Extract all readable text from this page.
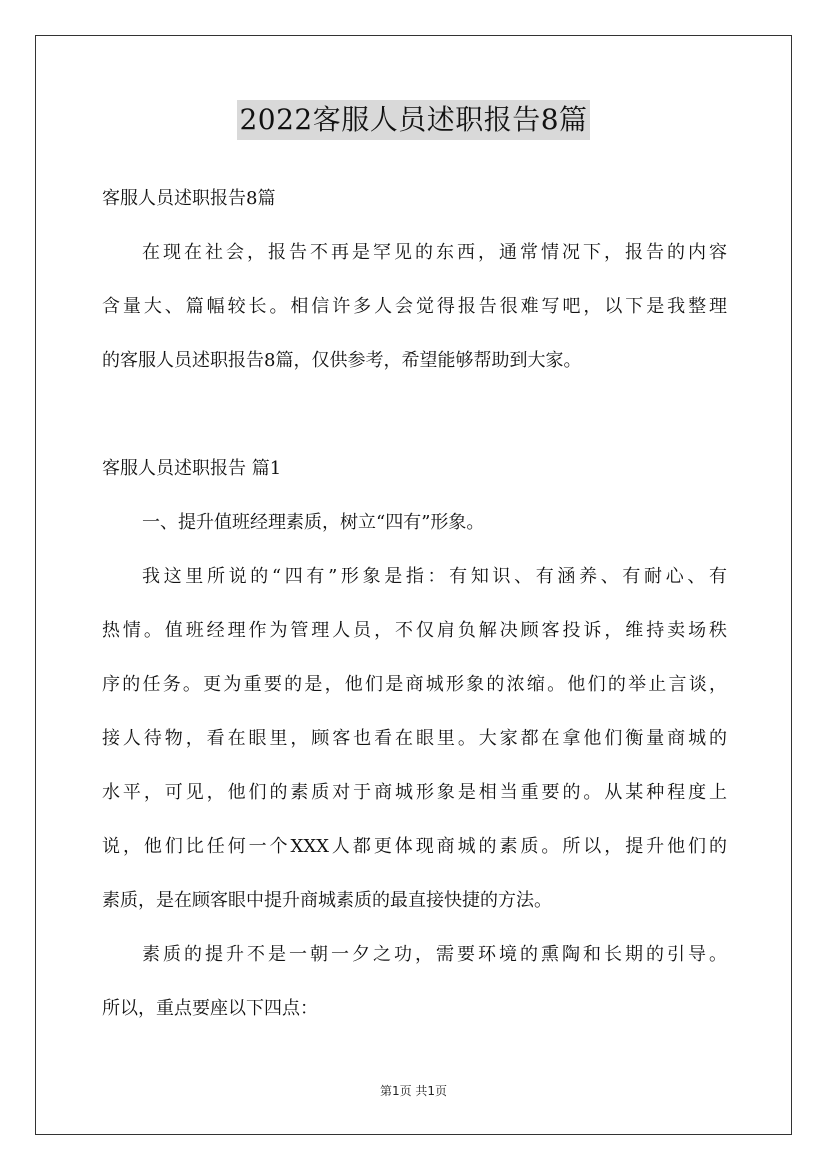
2022客服人员述职报告8篇
客服人员述职报告8篇
在现在社会，报告不再是罕见的东西，通常情况下，报告的内容
含量大、篇幅较长。相信许多人会觉得报告很难写吧，以下是我整理
的客服人员述职报告8篇，仅供参考，希望能够帮助到大家。
客服人员述职报告 篇1
一、提升值班经理素质，树立“四有”形象。
我这里所说的“四有”形象是指：有知识、有涵养、有耐心、有
热情。值班经理作为管理人员，不仅肩负解决顾客投诉，维持卖场秩
序的任务。更为重要的是，他们是商城形象的浓缩。他们的举止言谈，
接人待物，看在眼里，顾客也看在眼里。大家都在拿他们衡量商城的
水平，可见，他们的素质对于商城形象是相当重要的。从某种程度上
说，他们比任何一个XXX人都更体现商城的素质。所以，提升他们的
素质，是在顾客眼中提升商城素质的最直接快捷的方法。
素质的提升不是一朝一夕之功，需要环境的熏陶和长期的引导。
所以，重点要座以下四点：
第1页 共1页
